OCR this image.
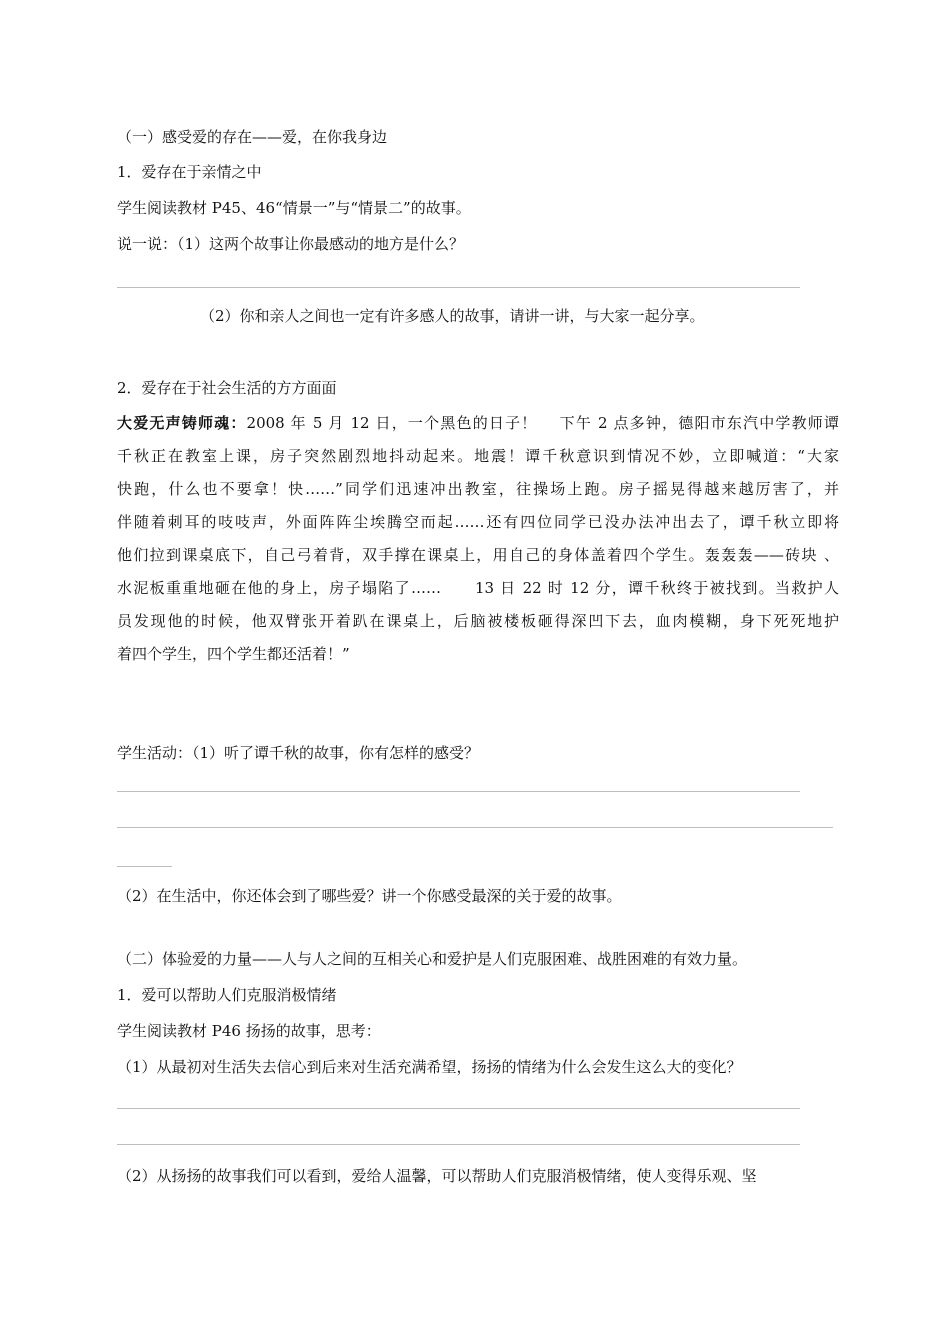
（一）感受爱的存在——爱，在你我身边
1．爱存在于亲情之中
学生阅读教材 P45、46“情景一”与“情景二”的故事。
说一说：（1）这两个故事让你最感动的地方是什么？
（2）你和亲人之间也一定有许多感人的故事，请讲一讲，与大家一起分享。
2．爱存在于社会生活的方方面面
大爱无声铸师魂：2008 年 5 月 12 日，一个黑色的日子！　 下午 2 点多钟，德阳市东汽中学教师谭
千秋正在教室上课，房子突然剧烈地抖动起来。地震！谭千秋意识到情况不妙，立即喊道：“大家
快跑，什么也不要拿！快……”同学们迅速冲出教室，往操场上跑。房子摇晃得越来越厉害了，并
伴随着刺耳的吱吱声，外面阵阵尘埃腾空而起……还有四位同学已没办法冲出去了，谭千秋立即将
他们拉到课桌底下，自己弓着背，双手撑在课桌上，用自己的身体盖着四个学生。轰轰轰——砖块 、
水泥板重重地砸在他的身上，房子塌陷了……　　13 日 22 时 12 分，谭千秋终于被找到。当救护人
员发现他的时候，他双臂张开着趴在课桌上，后脑被楼板砸得深凹下去，血肉模糊，身下死死地护
着四个学生，四个学生都还活着！”
学生活动：（1）听了谭千秋的故事，你有怎样的感受？
（2）在生活中，你还体会到了哪些爱？讲一个你感受最深的关于爱的故事。
（二）体验爱的力量——人与人之间的互相关心和爱护是人们克服困难、战胜困难的有效力量。
1．爱可以帮助人们克服消极情绪
学生阅读教材 P46 扬扬的故事，思考：
（1）从最初对生活失去信心到后来对生活充满希望，扬扬的情绪为什么会发生这么大的变化？
（2）从扬扬的故事我们可以看到，爱给人温馨，可以帮助人们克服消极情绪，使人变得乐观、坚
